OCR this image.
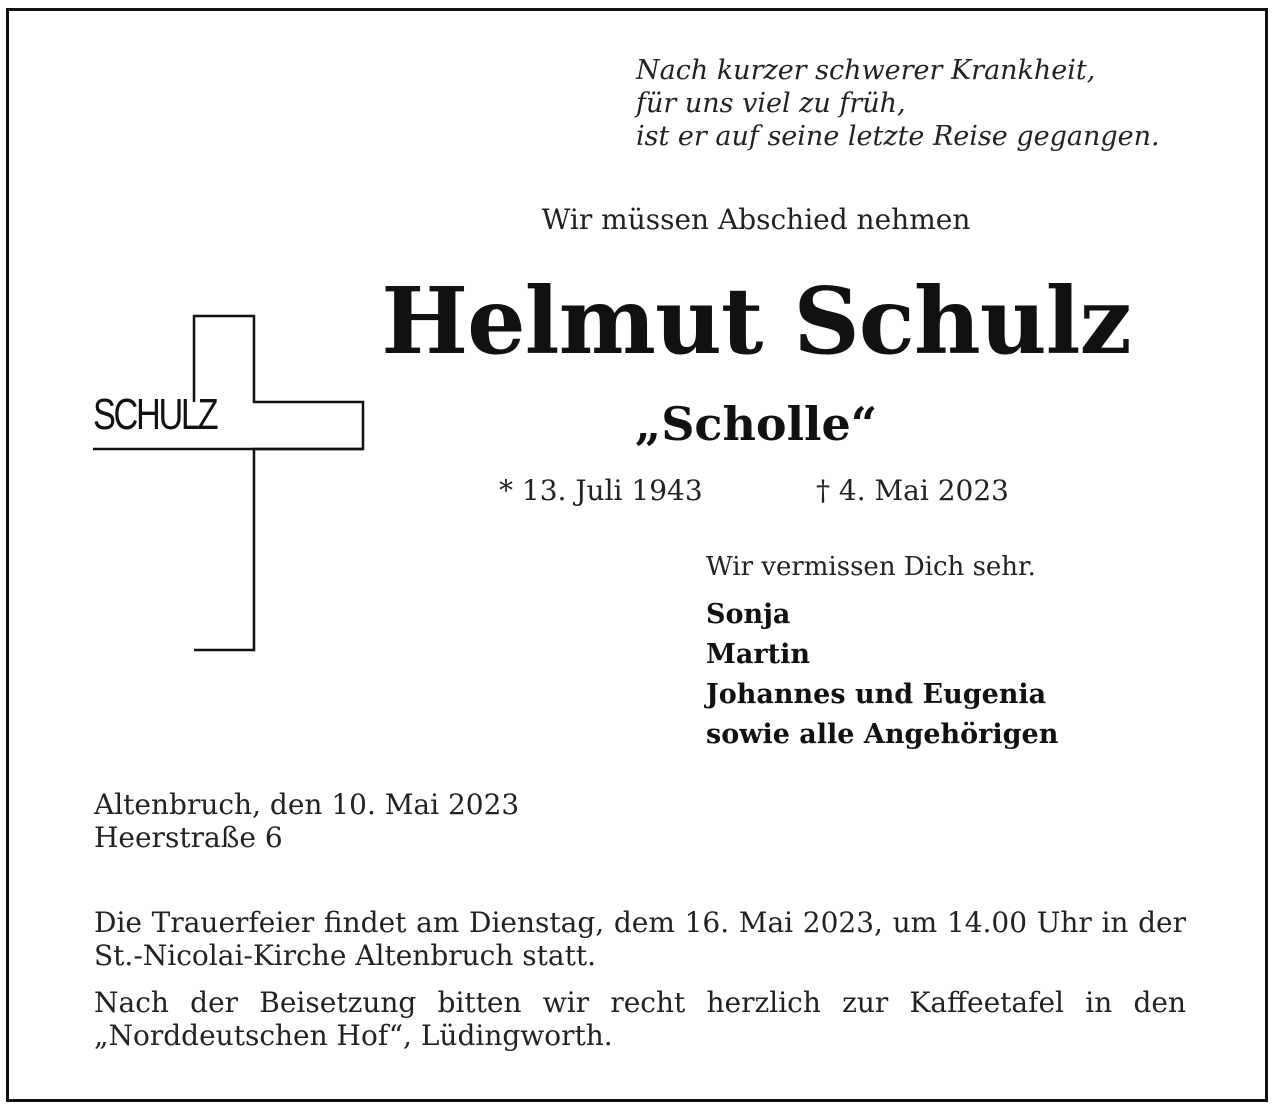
Nach kurzer schwerer Krankheit,
für uns viel zu früh,
ist er auf seine letzte Reise gegangen.
Wir müssen Abschied nehmen
Helmut Schulz
„Scholle“
* 13. Juli 1943	† 4. Mai 2023
SCHULZ
Wir vermissen Dich sehr.
Sonja
Martin
Johannes und Eugenia
sowie alle Angehörigen
Altenbruch, den 10. Mai 2023
Heerstraße 6
Die Trauerfeier findet am Dienstag, dem 16. Mai 2023, um 14.00 Uhr in der St.-Nicolai-Kirche Altenbruch statt.
Nach der Beisetzung bitten wir recht herzlich zur Kaffeetafel in den „Norddeutschen Hof“, Lüdingworth.
